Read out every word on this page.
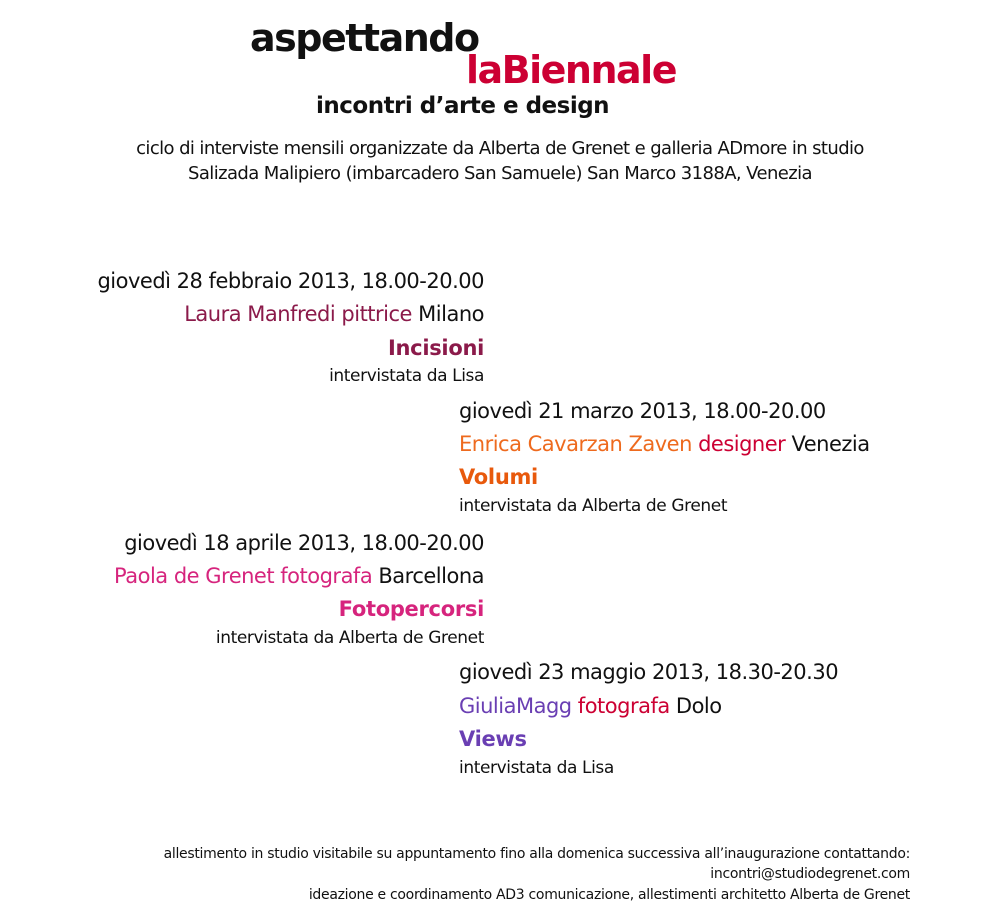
aspettando
laBiennale
incontri d’arte e design
ciclo di interviste mensili organizzate da Alberta de Grenet e galleria ADmore in studio
Salizada Malipiero (imbarcadero San Samuele) San Marco 3188A, Venezia
giovedì 28 febbraio 2013, 18.00-20.00
Laura Manfredi pittrice Milano
Incisioni
intervistata da Lisa
giovedì 21 marzo 2013, 18.00-20.00
Enrica Cavarzan Zaven designer Venezia
Volumi
intervistata da Alberta de Grenet
giovedì 18 aprile 2013, 18.00-20.00
Paola de Grenet fotografa Barcellona
Fotopercorsi
intervistata da Alberta de Grenet
giovedì 23 maggio 2013, 18.30-20.30
GiuliaMagg fotografa Dolo
Views
intervistata da Lisa
allestimento in studio visitabile su appuntamento fino alla domenica successiva all’inaugurazione contattando:
incontri@studiodegrenet.com
ideazione e coordinamento AD3 comunicazione, allestimenti architetto Alberta de Grenet
